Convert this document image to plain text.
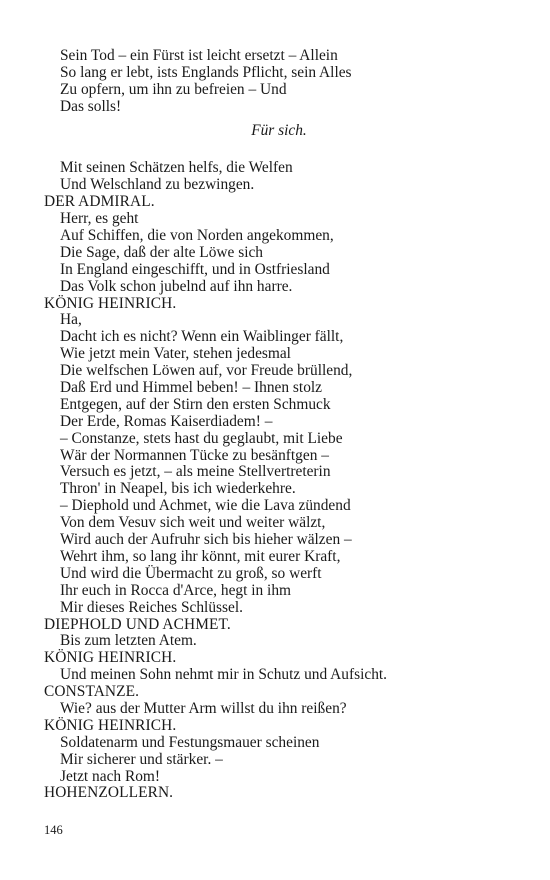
Sein Tod – ein Fürst ist leicht ersetzt – Allein
So lang er lebt, ists Englands Pflicht, sein Alles
Zu opfern, um ihn zu befreien – Und
Das solls!
Für sich.
Mit seinen Schätzen helfs, die Welfen
Und Welschland zu bezwingen.
DER ADMIRAL.
Herr, es geht
Auf Schiffen, die von Norden angekommen,
Die Sage, daß der alte Löwe sich
In England eingeschifft, und in Ostfriesland
Das Volk schon jubelnd auf ihn harre.
KÖNIG HEINRICH.
Ha,
Dacht ich es nicht? Wenn ein Waiblinger fällt,
Wie jetzt mein Vater, stehen jedesmal
Die welfschen Löwen auf, vor Freude brüllend,
Daß Erd und Himmel beben! – Ihnen stolz
Entgegen, auf der Stirn den ersten Schmuck
Der Erde, Romas Kaiserdiadem! –
– Constanze, stets hast du geglaubt, mit Liebe
Wär der Normannen Tücke zu besänftgen –
Versuch es jetzt, – als meine Stellvertreterin
Thron' in Neapel, bis ich wiederkehre.
– Diephold und Achmet, wie die Lava zündend
Von dem Vesuv sich weit und weiter wälzt,
Wird auch der Aufruhr sich bis hieher wälzen –
Wehrt ihm, so lang ihr könnt, mit eurer Kraft,
Und wird die Übermacht zu groß, so werft
Ihr euch in Rocca d'Arce, hegt in ihm
Mir dieses Reiches Schlüssel.
DIEPHOLD UND ACHMET.
Bis zum letzten Atem.
KÖNIG HEINRICH.
Und meinen Sohn nehmt mir in Schutz und Aufsicht.
CONSTANZE.
Wie? aus der Mutter Arm willst du ihn reißen?
KÖNIG HEINRICH.
Soldatenarm und Festungsmauer scheinen
Mir sicherer und stärker. –
Jetzt nach Rom!
HOHENZOLLERN.
146
